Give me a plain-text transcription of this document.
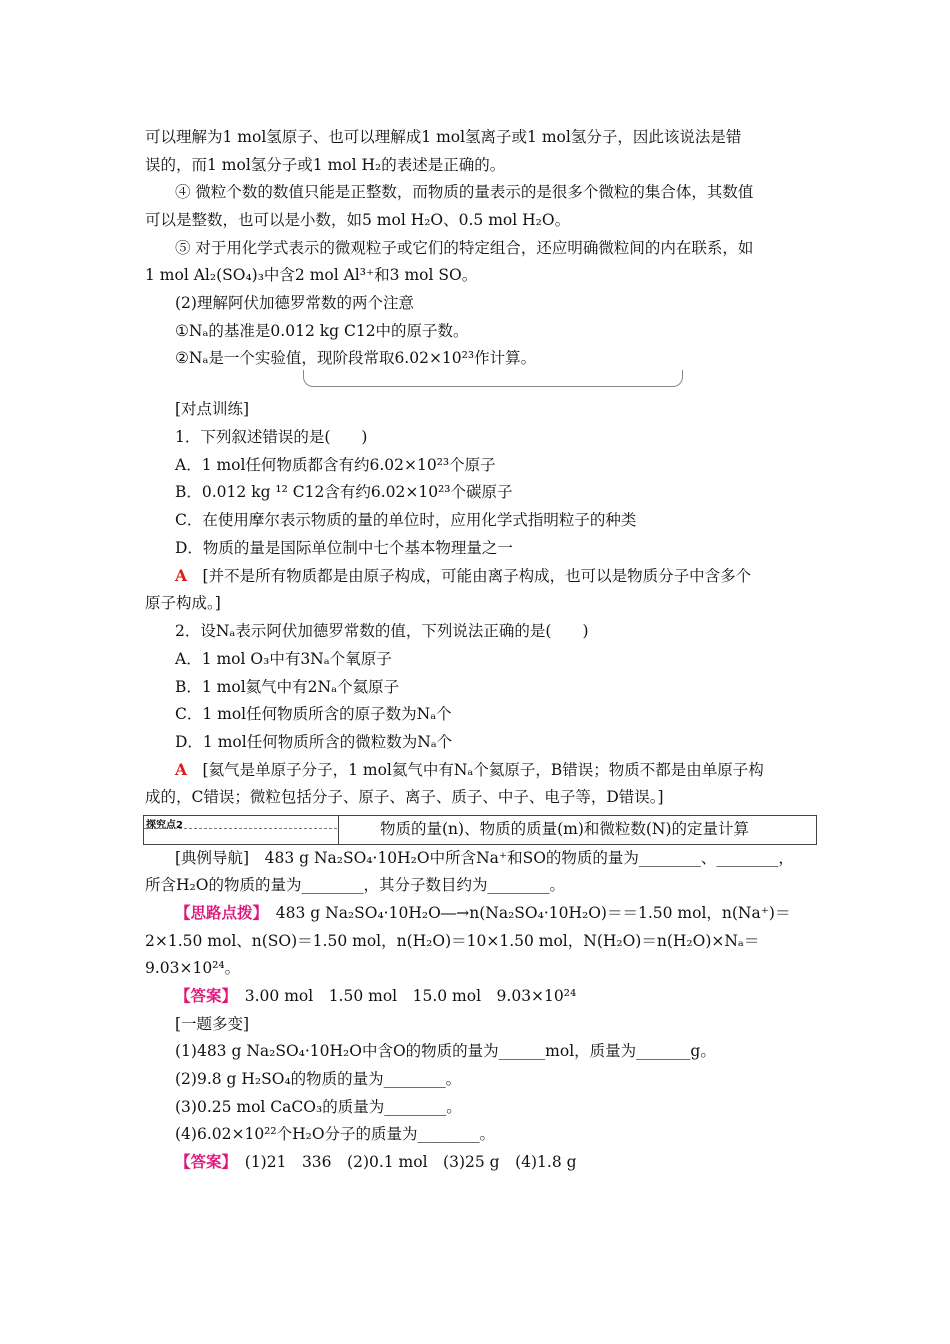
可以理解为1 mol氢原子、也可以理解成1 mol氢离子或1 mol氢分子，因此该说法是错
误的，而1 mol氢分子或1 mol H₂的表述是正确的。
④ 微粒个数的数值只能是正整数，而物质的量表示的是很多个微粒的集合体，其数值
可以是整数，也可以是小数，如5 mol H₂O、0.5 mol H₂O。
⑤ 对于用化学式表示的微观粒子或它们的特定组合，还应明确微粒间的内在联系，如
1 mol Al₂(SO₄)₃中含2 mol Al³⁺和3 mol SO。
(2)理解阿伏加德罗常数的两个注意
①Nₐ的基准是0.012 kg C12中的原子数。
②Nₐ是一个实验值，现阶段常取6.02×10²³作计算。
[对点训练]
1．下列叙述错误的是(　　)
A．1 mol任何物质都含有约6.02×10²³个原子
B．0.012 kg ¹² C12含有约6.02×10²³个碳原子
C．在使用摩尔表示物质的量的单位时，应用化学式指明粒子的种类
D．物质的量是国际单位制中七个基本物理量之一
A　[并不是所有物质都是由原子构成，可能由离子构成，也可以是物质分子中含多个
原子构成。]
2．设Nₐ表示阿伏加德罗常数的值，下列说法正确的是(　　)
A．1 mol O₃中有3Nₐ个氧原子
B．1 mol氦气中有2Nₐ个氦原子
C．1 mol任何物质所含的原子数为Nₐ个
D．1 mol任何物质所含的微粒数为Nₐ个
A　[氦气是单原子分子，1 mol氦气中有Nₐ个氦原子，B错误；物质不都是由单原子构
成的，C错误；微粒包括分子、原子、离子、质子、中子、电子等，D错误。]
探究点2	物质的量(n)、物质的质量(m)和微粒数(N)的定量计算
[典例导航]　483 g Na₂SO₄·10H₂O中所含Na⁺和SO的物质的量为________、________，
所含H₂O的物质的量为________，其分子数目约为________。
【思路点拨】　483 g Na₂SO₄·10H₂O―→n(Na₂SO₄·10H₂O)＝＝1.50 mol，n(Na⁺)＝
2×1.50 mol、n(SO)＝1.50 mol，n(H₂O)＝10×1.50 mol，N(H₂O)＝n(H₂O)×Nₐ＝
9.03×10²⁴。
【答案】　3.00 mol　1.50 mol　15.0 mol　9.03×10²⁴
[一题多变]
(1)483 g Na₂SO₄·10H₂O中含O的物质的量为______mol，质量为_______g。
(2)9.8 g H₂SO₄的物质的量为________。
(3)0.25 mol CaCO₃的质量为________。
(4)6.02×10²²个H₂O分子的质量为________。
【答案】　(1)21　336　(2)0.1 mol　(3)25 g　(4)1.8 g
